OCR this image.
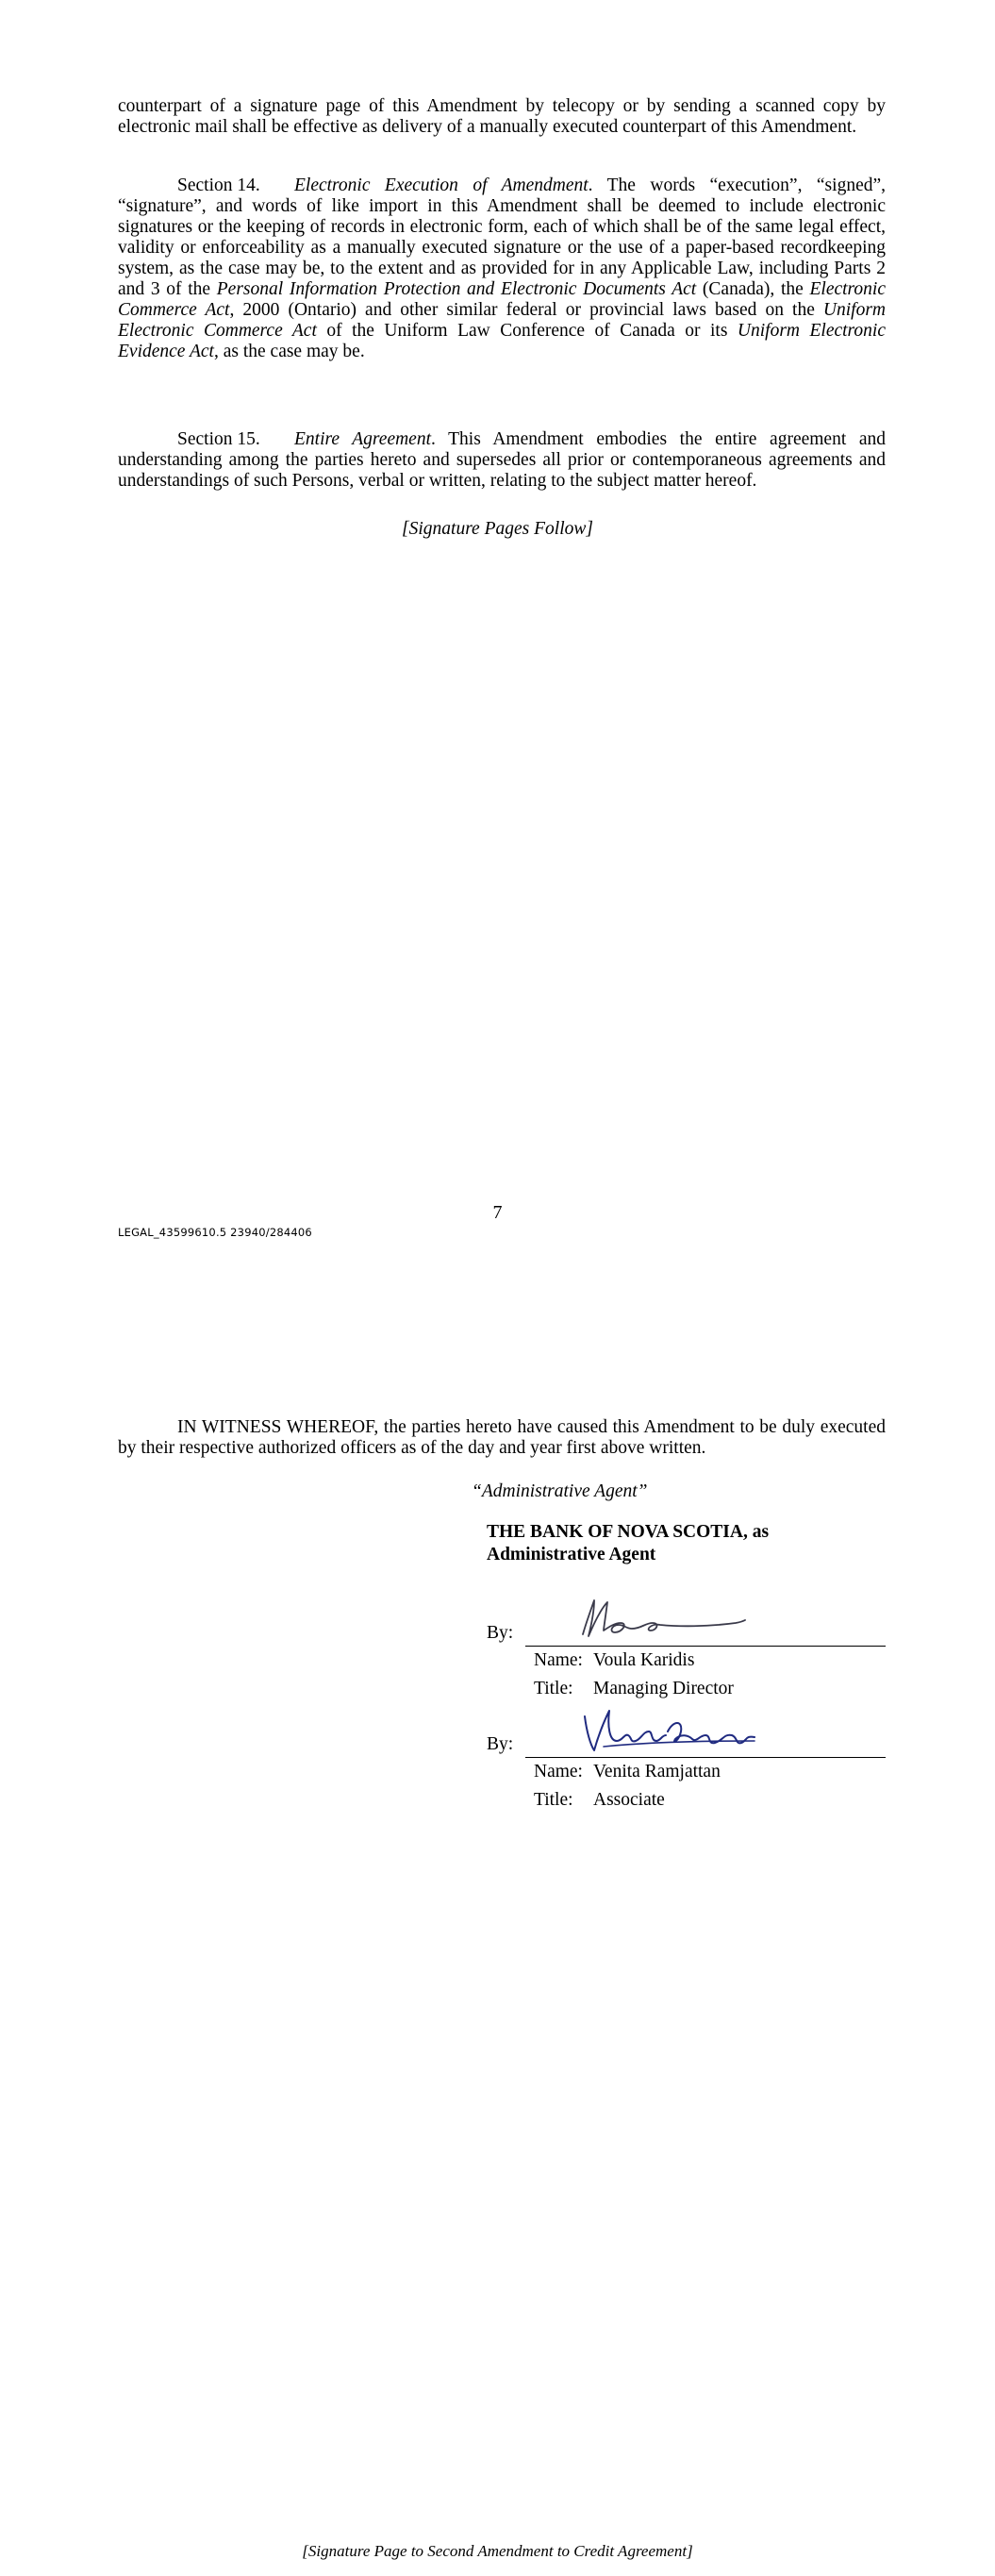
counterpart of a signature page of this Amendment by telecopy or by sending a scanned copy by electronic mail shall be effective as delivery of a manually executed counterpart of this Amendment.

Section 14. Electronic Execution of Amendment. The words “execution”, “signed”, “signature”, and words of like import in this Amendment shall be deemed to include electronic signatures or the keeping of records in electronic form, each of which shall be of the same legal effect, validity or enforceability as a manually executed signature or the use of a paper-based recordkeeping system, as the case may be, to the extent and as provided for in any Applicable Law, including Parts 2 and 3 of the Personal Information Protection and Electronic Documents Act (Canada), the Electronic Commerce Act, 2000 (Ontario) and other similar federal or provincial laws based on the Uniform Electronic Commerce Act of the Uniform Law Conference of Canada or its Uniform Electronic Evidence Act, as the case may be.

Section 15. Entire Agreement. This Amendment embodies the entire agreement and understanding among the parties hereto and supersedes all prior or contemporaneous agreements and understandings of such Persons, verbal or written, relating to the subject matter hereof.

[Signature Pages Follow]
7
LEGAL_43599610.5 23940/284406

IN WITNESS WHEREOF, the parties hereto have caused this Amendment to be duly executed by their respective authorized officers as of the day and year first above written.

“Administrative Agent”
THE BANK OF NOVA SCOTIA, as
Administrative Agent
By:
Name: Voula Karidis
Title: Managing Director
By:
Name: Venita Ramjattan
Title: Associate
[Signature Page to Second Amendment to Credit Agreement]
